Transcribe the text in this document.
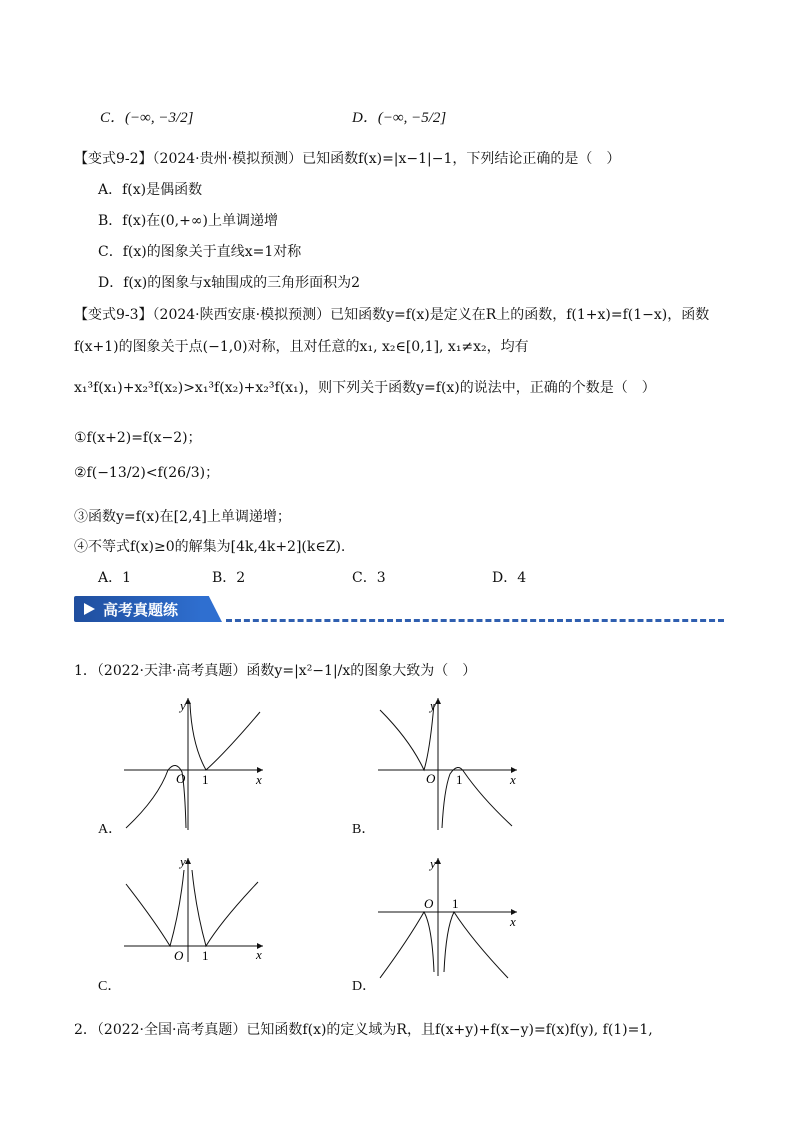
C．(−∞, −3/2]	D．(−∞, −5/2]
【变式9-2】（2024·贵州·模拟预测）已知函数f(x)=|x−1|−1，下列结论正确的是（　）
A．f(x)是偶函数
B．f(x)在(0,+∞)上单调递增
C．f(x)的图象关于直线x=1对称
D．f(x)的图象与x轴围成的三角形面积为2
【变式9-3】（2024·陕西安康·模拟预测）已知函数y=f(x)是定义在R上的函数，f(1+x)=f(1−x)，函数
f(x+1)的图象关于点(−1,0)对称，且对任意的x₁, x₂∈[0,1], x₁≠x₂，均有
x₁³f(x₁)+x₂³f(x₂)>x₁³f(x₂)+x₂³f(x₁)，则下列关于函数y=f(x)的说法中，正确的个数是（　）
①f(x+2)=f(x−2)；
②f(−13/2)<f(26/3)；
③函数y=f(x)在[2,4]上单调递增；
④不等式f(x)≥0的解集为[4k,4k+2](k∈Z).
A．1	B．2	C．3	D．4
高考真题练
1．（2022·天津·高考真题）函数y=|x²−1|/x的图象大致为（　）
y
x
O 1
A．
y
x
O 1
B．
y
x
O 1
C．
y
x
O 1
D．
2．（2022·全国·高考真题）已知函数f(x)的定义域为R，且f(x+y)+f(x−y)=f(x)f(y), f(1)=1,
